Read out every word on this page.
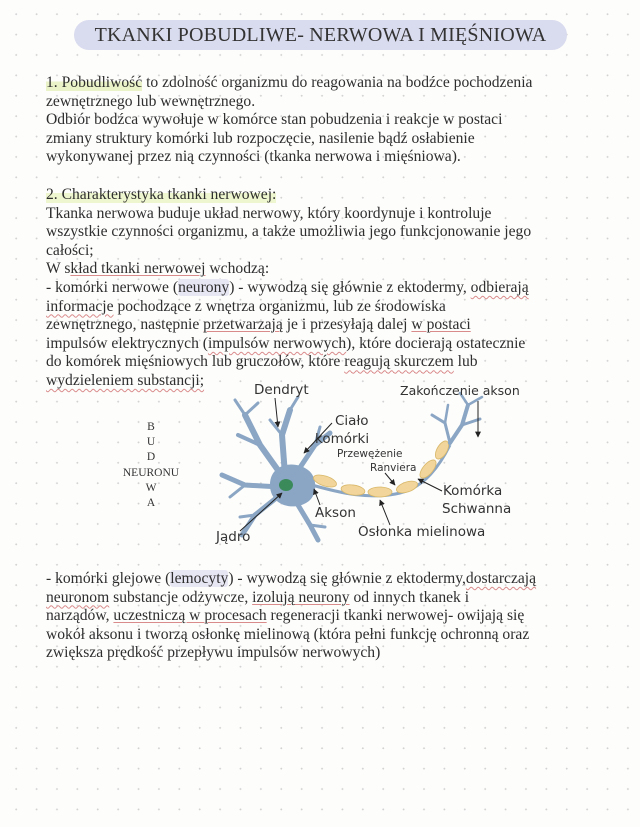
TKANKI POBUDLIWE- NERWOWA I MIĘŚNIOWA

1. Pobudliwość to zdolność organizmu do reagowania na bodźce pochodzenia

zewnętrznego lub wewnętrznego.

Odbiór bodźca wywołuje w komórce stan pobudzenia i reakcje w postaci

zmiany struktury komórki lub rozpoczęcie, nasilenie bądź osłabienie

wykonywanej przez nią czynności (tkanka nerwowa i mięśniowa).

2. Charakterystyka tkanki nerwowej:

Tkanka nerwowa buduje układ nerwowy, który koordynuje i kontroluje

wszystkie czynności organizmu, a także umożliwia jego funkcjonowanie jego

całości;

W skład tkanki nerwowej wchodzą:

- komórki nerwowe (neurony) - wywodzą się głównie z ektodermy, odbierają

informacje pochodzące z wnętrza organizmu, lub ze środowiska

zewnętrznego, następnie przetwarzają je i przesyłają dalej w postaci

impulsów elektrycznych (impulsów nerwowych), które docierają ostatecznie

do komórek mięśniowych lub gruczołów, które reagują skurczem lub

wydzieleniem substancji;

B
U
D
NEURONU
W
A
Dendryt	Zakończenie akson
Ciało
komórki
Przewężenie
Ranviera
Komórka
Schwanna
Akson
Osłonka mielinowa
Jądro

- komórki glejowe (lemocyty) - wywodzą się głównie z ektodermy,dostarczają

neuronom substancje odżywcze, izolują neurony od innych tkanek i

narządów, uczestniczą w procesach regeneracji tkanki nerwowej- owijają się

wokół aksonu i tworzą osłonkę mielinową (która pełni funkcję ochronną oraz

zwiększa prędkość przepływu impulsów nerwowych)
